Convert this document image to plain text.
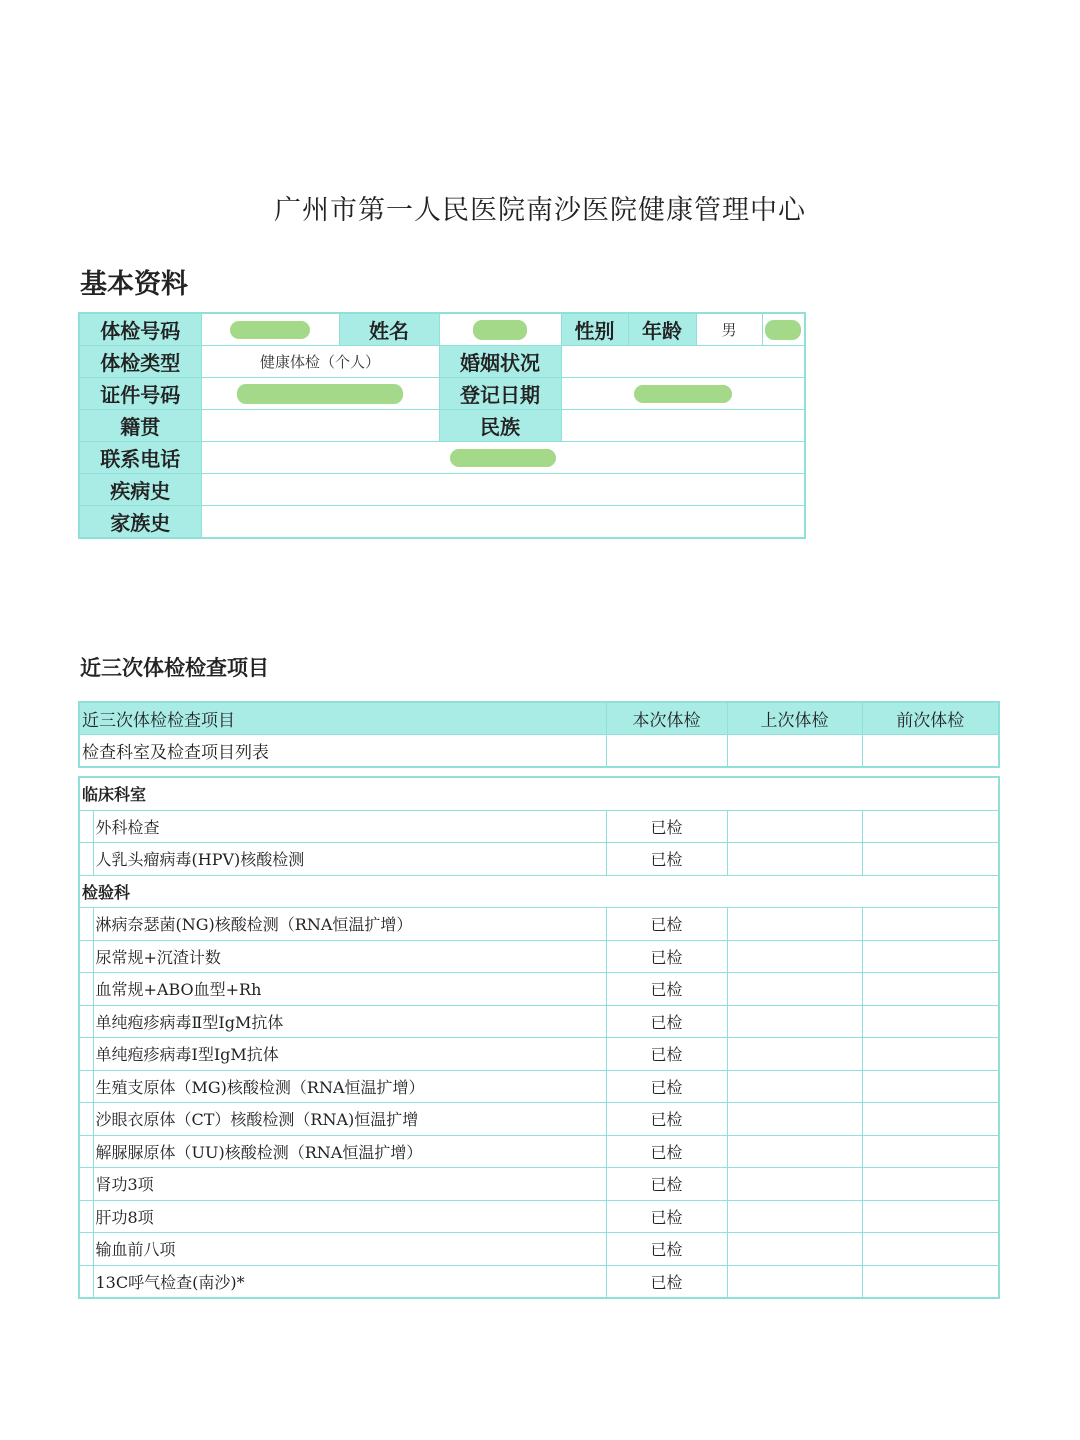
广州市第一人民医院南沙医院健康管理中心
基本资料
体检号码		姓名		性别	年龄	男	
体检类型	健康体检（个人）		婚姻状况				
证件号码			登记日期				
籍贯			民族				
联系电话							
疾病史							
家族史							
近三次体检检查项目
近三次体检检查项目	本次体检	上次体检	前次体检
检查科室及检查项目列表			
临床科室				
	外科检查	已检		
	人乳头瘤病毒(HPV)核酸检测	已检		
检验科				
	淋病奈瑟菌(NG)核酸检测（RNA恒温扩增）	已检		
	尿常规+沉渣计数	已检		
	血常规+ABO血型+Rh	已检		
	单纯疱疹病毒Ⅱ型IgM抗体	已检		
	单纯疱疹病毒Ⅰ型IgM抗体	已检		
	生殖支原体（MG)核酸检测（RNA恒温扩增）	已检		
	沙眼衣原体（CT）核酸检测（RNA)恒温扩增	已检		
	解脲脲原体（UU)核酸检测（RNA恒温扩增）	已检		
	肾功3项	已检		
	肝功8项	已检		
	输血前八项	已检		
	13C呼气检查(南沙)*	已检		
